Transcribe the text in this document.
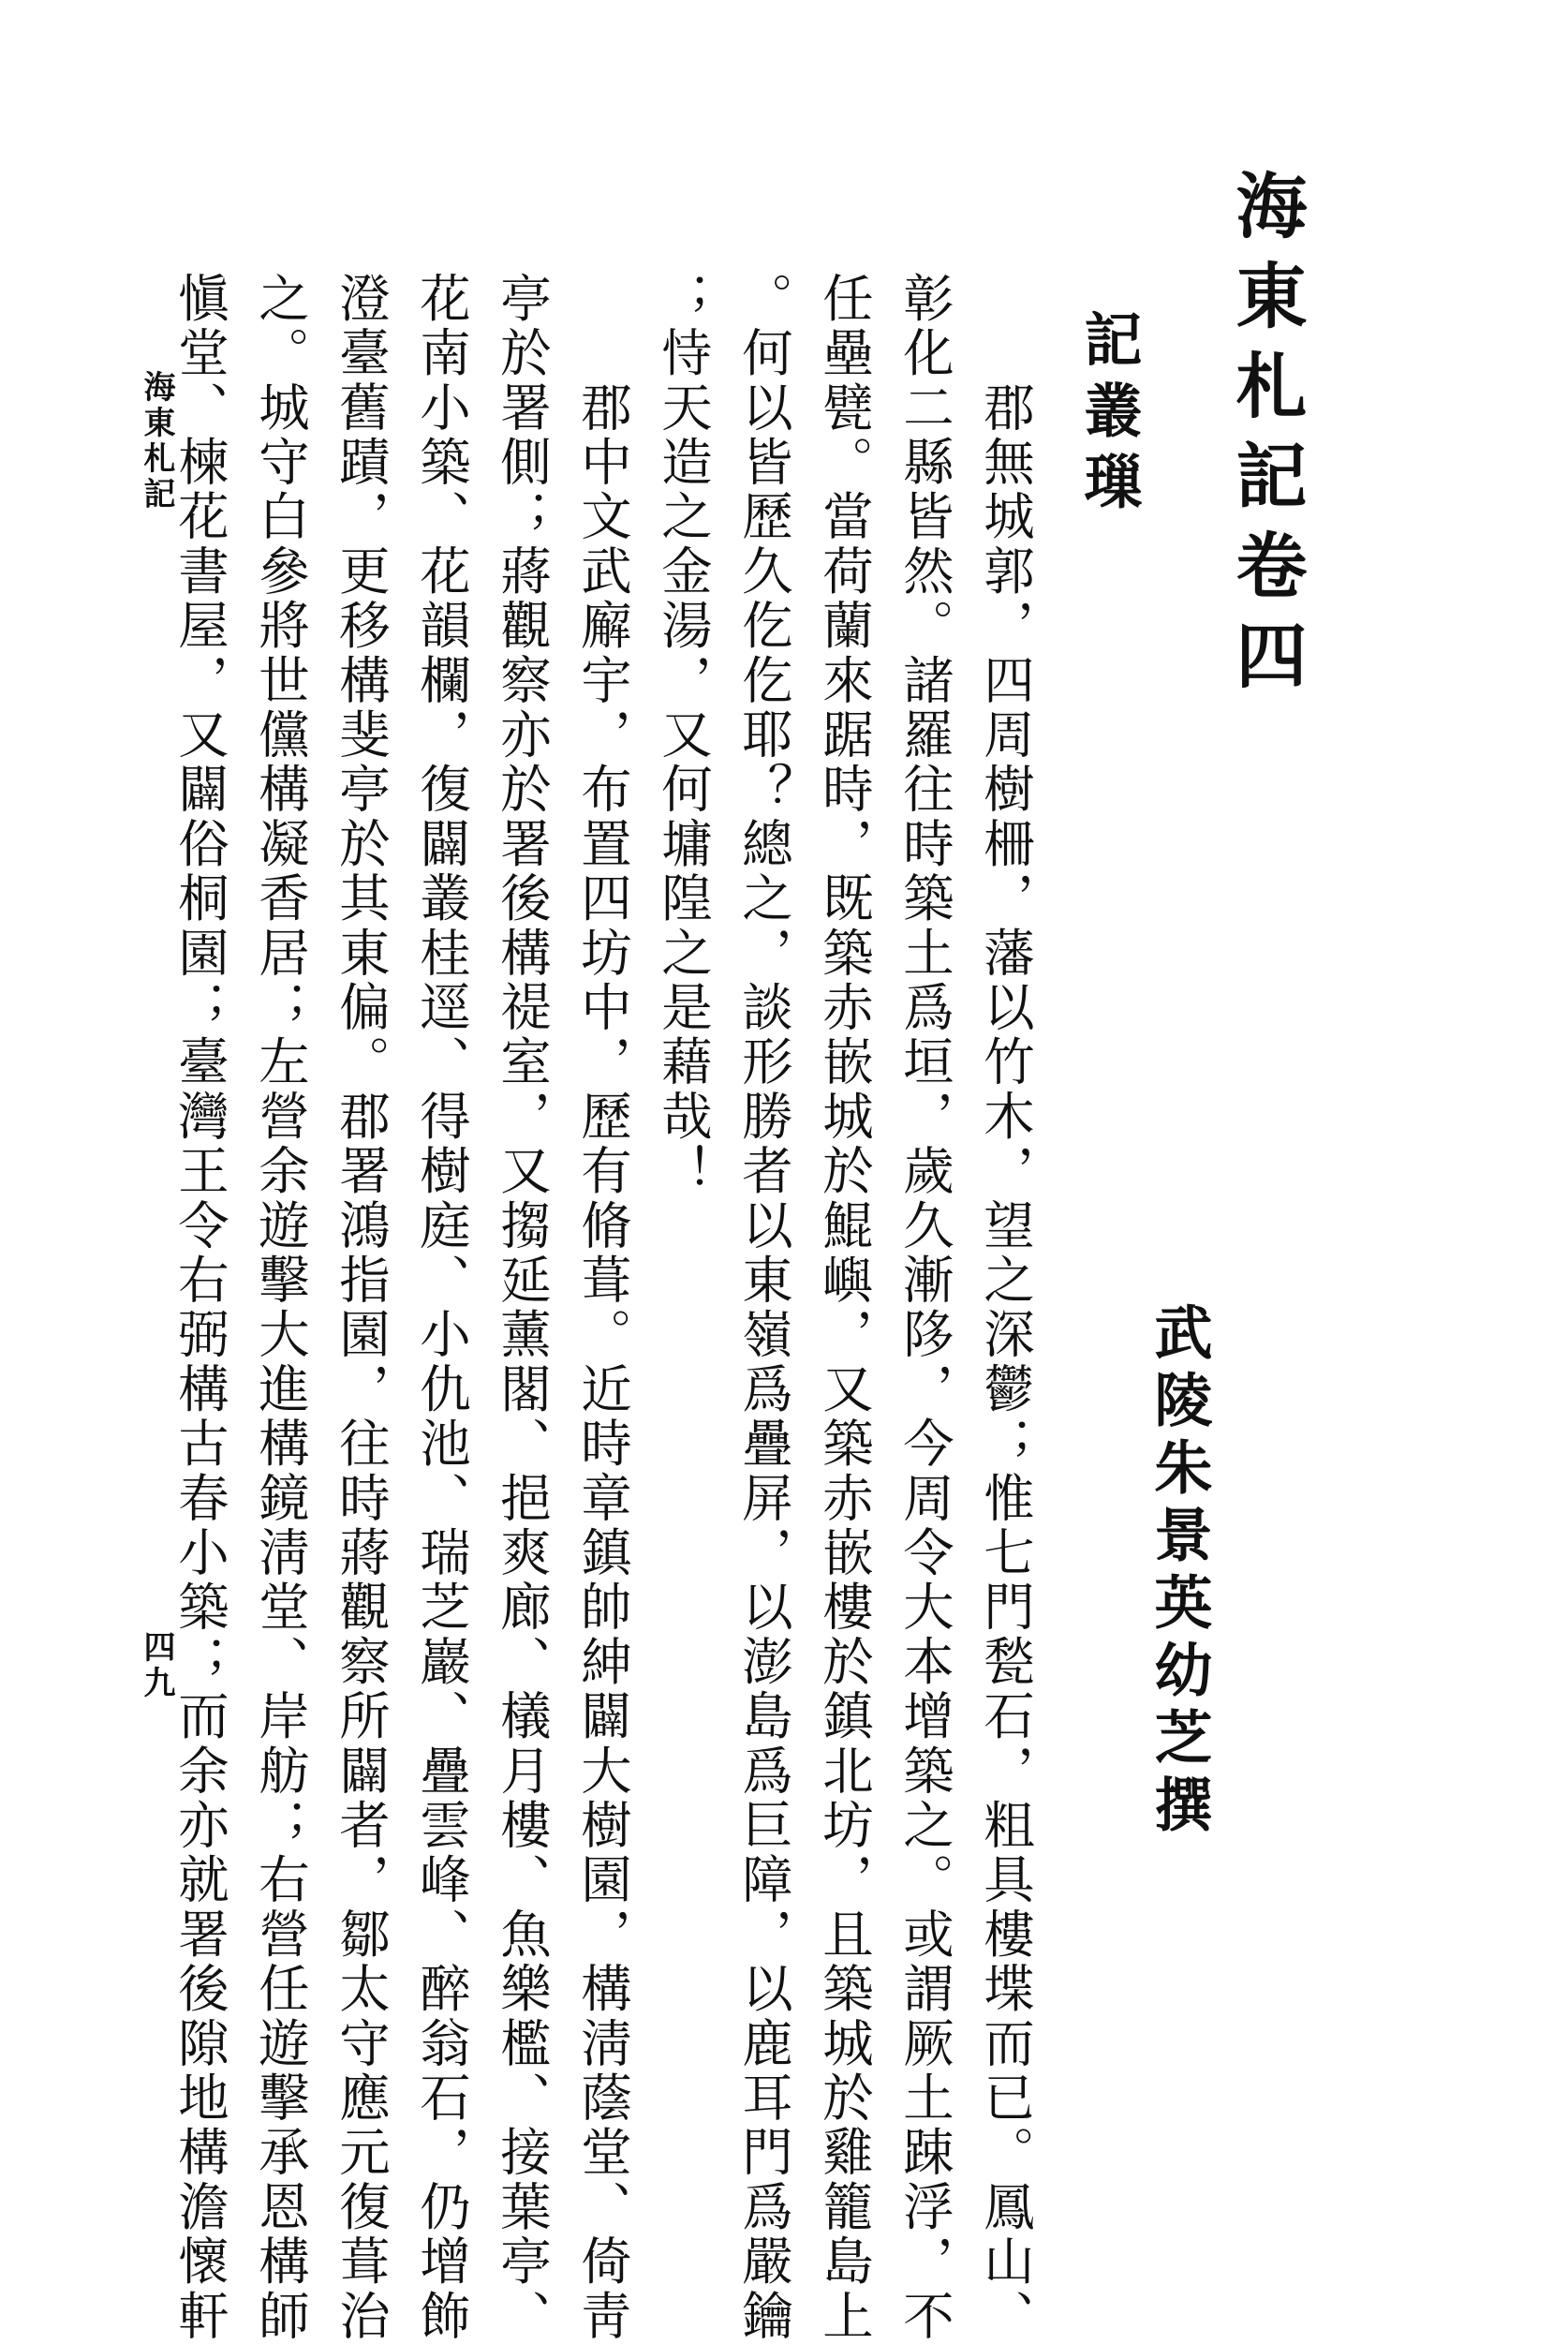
海東札記卷四
記叢璅
武陵朱景英幼芝撰
　　郡無城郭，四周樹柵，藩以竹木，望之深鬱；惟七門甃石，粗具樓堞而已。鳳山、
彰化二縣皆然。諸羅往時築土爲垣，歲久漸陊，今周令大本增築之。或謂厥土踈浮，不
任壘甓。當荷蘭來踞時，既築赤嵌城於鯤嶼，又築赤嵌樓於鎮北坊，且築城於雞籠島上
。何以皆歷久仡仡耶？總之，談形勝者以東嶺爲疊屏，以澎島爲巨障，以鹿耳門爲嚴鑰
；恃天造之金湯，又何墉隍之是藉哉！
　　郡中文武廨宇，布置四坊中，歷有脩葺。近時章鎮帥紳闢大樹園，構淸蔭堂、倚靑
亭於署側；蔣觀察亦於署後構禔室，又搊延薰閣、挹爽廊、檥月樓、魚樂檻、接葉亭、
花南小築、花韻欄，復闢叢桂逕、得樹庭、小仇池、瑞芝巖、疊雲峰、醉翁石，仍增飾
澄臺舊蹟，更移構斐亭於其東偏。郡署鴻指園，往時蔣觀察所闢者，鄒太守應元復葺治
之。城守白參將世儻構凝香居；左營余遊擊大進構鏡淸堂、岸舫；右營任遊擊承恩構師
愼堂、楝花書屋，又闢俗桐園；臺灣王令右弼構古春小築；而余亦就署後隙地構澹懷軒
海東札記
四九
